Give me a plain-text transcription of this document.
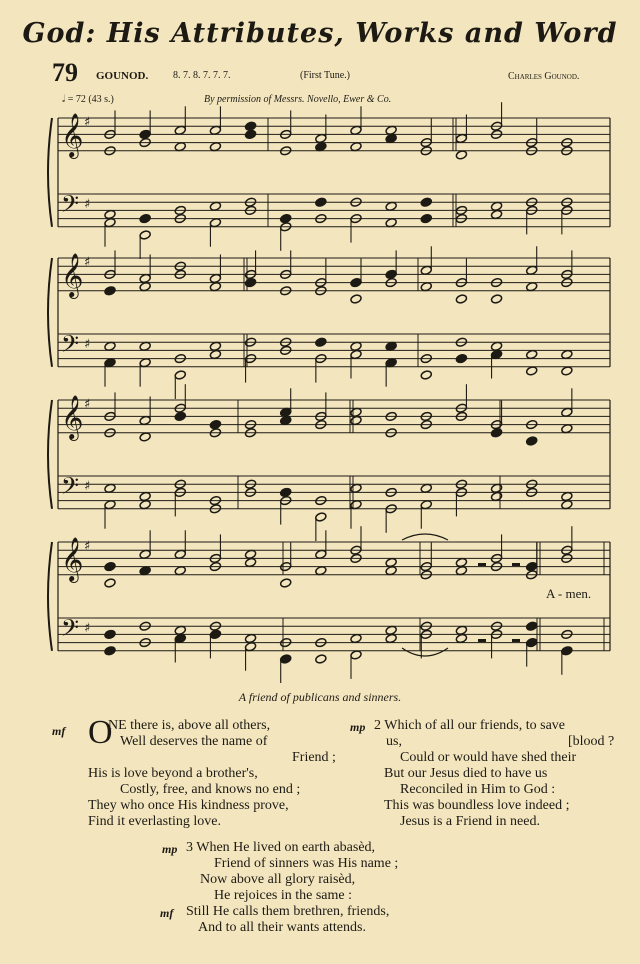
God: His Attributes, Works and Word
79 GOUNOD. 8. 7. 8. 7. 7. 7.	(First Tune.)	Charles Gounod.
𝅗𝅥 = 72 (43 s.)	By permission of Messrs. Novello, Ewer & Co.
𝄞 ♯
𝄢 ♯
𝄞 ♯
𝄢 ♯
𝄞 ♯
𝄢 ♯
𝄞 ♯
𝄢 ♯
A - men.
A friend of publicans and sinners.
mf O
NE there is, above all others,
Well deserves the name of
Friend ;
His is love beyond a brother's,
Costly, free, and knows no end ;
They who once His kindness prove,
Find it everlasting love.
mp 2 Which of all our friends, to save
us,	[blood ?
Could or would have shed their
But our Jesus died to have us
Reconciled in Him to God :
This was boundless love indeed ;
Jesus is a Friend in need.
mp
mf
3 When He lived on earth abasèd,
Friend of sinners was His name ;
Now above all glory raisèd,
He rejoices in the same :
Still He calls them brethren, friends,
And to all their wants attends.
